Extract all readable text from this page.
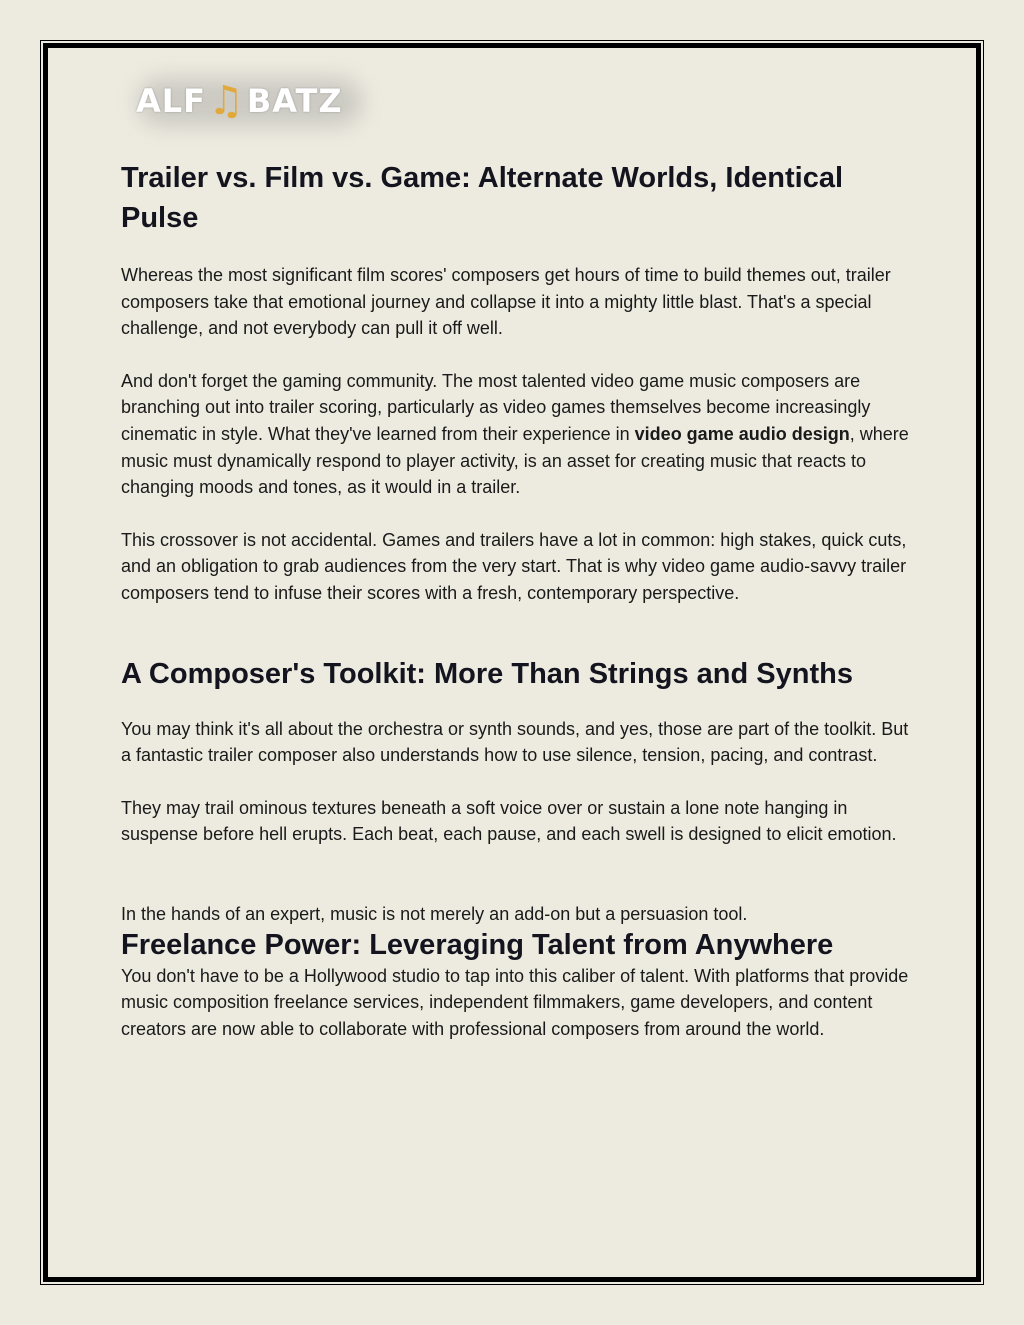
ALF ♫ BATZ
Trailer vs. Film vs. Game: Alternate Worlds, Identical Pulse

Whereas the most significant film scores' composers get hours of time to build themes out, trailer composers take that emotional journey and collapse it into a mighty little blast. That's a special challenge, and not everybody can pull it off well.

And don't forget the gaming community. The most talented video game music composers are branching out into trailer scoring, particularly as video games themselves become increasingly cinematic in style. What they've learned from their experience in video game audio design, where music must dynamically respond to player activity, is an asset for creating music that reacts to changing moods and tones, as it would in a trailer.

This crossover is not accidental. Games and trailers have a lot in common: high stakes, quick cuts, and an obligation to grab audiences from the very start. That is why video game audio-savvy trailer composers tend to infuse their scores with a fresh, contemporary perspective.

A Composer's Toolkit: More Than Strings and Synths

You may think it's all about the orchestra or synth sounds, and yes, those are part of the toolkit. But a fantastic trailer composer also understands how to use silence, tension, pacing, and contrast.

They may trail ominous textures beneath a soft voice over or sustain a lone note hanging in suspense before hell erupts. Each beat, each pause, and each swell is designed to elicit emotion.

In the hands of an expert, music is not merely an add-on but a persuasion tool.

Freelance Power: Leveraging Talent from Anywhere

You don't have to be a Hollywood studio to tap into this caliber of talent. With platforms that provide music composition freelance services, independent filmmakers, game developers, and content creators are now able to collaborate with professional composers from around the world.
